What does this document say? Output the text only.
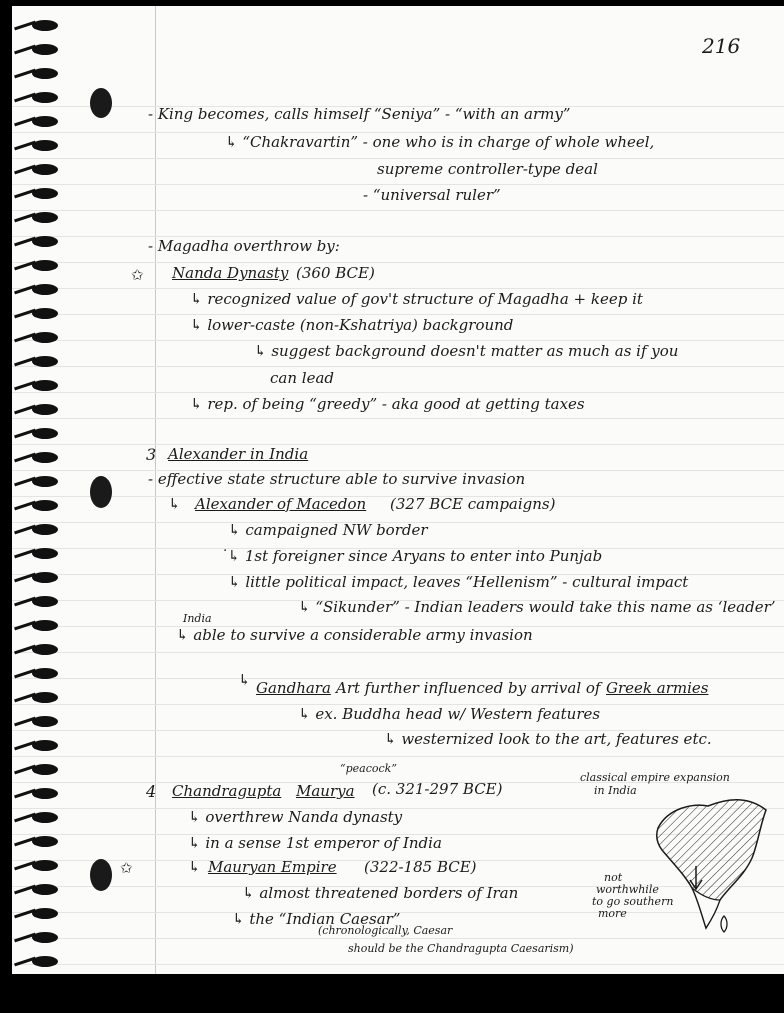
216
- King becomes, calls himself “Seniya” - “with an army”
↳ “Chakravartin” - one who is in charge of whole wheel,
supreme controller-type deal
- “universal ruler”
- Magadha overthrow by:
Nanda Dynasty (360 BCE)
↳ recognized value of gov't structure of Magadha + keep it
↳ lower-caste (non-Kshatriya) background
↳ suggest background doesn't matter as much as if you
can lead
↳ rep. of being “greedy” - aka good at getting taxes
Alexander in India
- effective state structure able to survive invasion
↳ Alexander of Macedon (327 BCE campaigns)
↳ campaigned NW border
˙↳ 1st foreigner since Aryans to enter into Punjab
↳ little political impact, leaves “Hellenism” - cultural impact
↳ “Sikunder” - Indian leaders would take this name as ‘leader’
India
↳ able to survive a considerable army invasion
↳ Gandhara Art further influenced by arrival of Greek armies
↳ ex. Buddha head w/ Western features
↳ westernized look to the art, features etc.
“peacock”
Chandragupta Maurya (c. 321-297 BCE)
↳ overthrew Nanda dynasty
↳ in a sense 1st emperor of India
↳ Mauryan Empire (322-185 BCE)
↳ almost threatened borders of Iran
↳ the “Indian Caesar”
(chronologically, Caesar
should be the Chandragupta Caesarism)
classical empire expansion
in India
not
worthwhile
to go southern
more
3
4
✩
✩
